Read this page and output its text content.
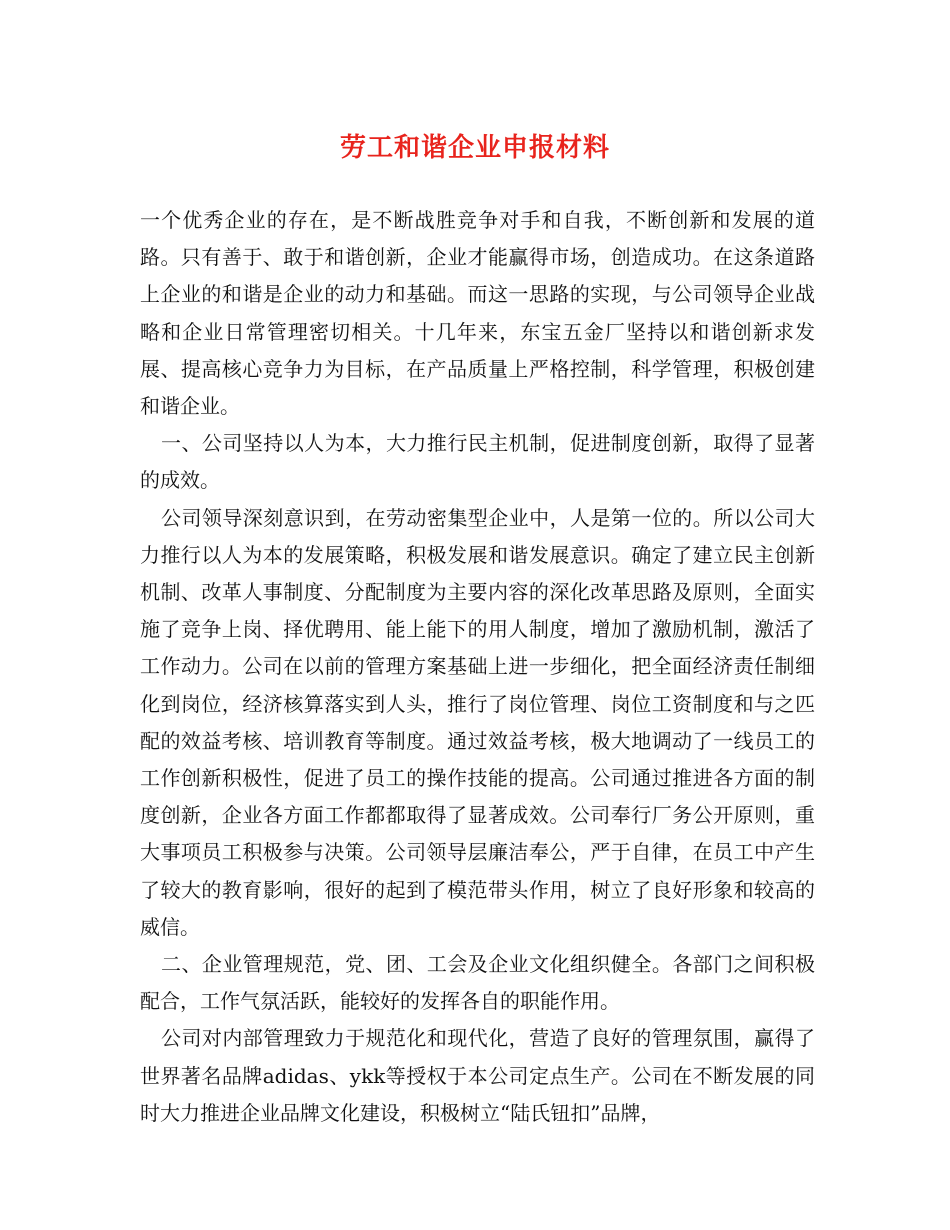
劳工和谐企业申报材料

一个优秀企业的存在，是不断战胜竞争对手和自我，不断创新和发展的道路。只有善于、敢于和谐创新，企业才能赢得市场，创造成功。在这条道路上企业的和谐是企业的动力和基础。而这一思路的实现，与公司领导企业战略和企业日常管理密切相关。十几年来，东宝五金厂坚持以和谐创新求发展、提高核心竞争力为目标，在产品质量上严格控制，科学管理，积极创建和谐企业。

一、公司坚持以人为本，大力推行民主机制，促进制度创新，取得了显著的成效。

公司领导深刻意识到，在劳动密集型企业中，人是第一位的。所以公司大力推行以人为本的发展策略，积极发展和谐发展意识。确定了建立民主创新机制、改革人事制度、分配制度为主要内容的深化改革思路及原则，全面实施了竞争上岗、择优聘用、能上能下的用人制度，增加了激励机制，激活了工作动力。公司在以前的管理方案基础上进一步细化，把全面经济责任制细化到岗位，经济核算落实到人头，推行了岗位管理、岗位工资制度和与之匹配的效益考核、培训教育等制度。通过效益考核，极大地调动了一线员工的工作创新积极性，促进了员工的操作技能的提高。公司通过推进各方面的制度创新，企业各方面工作都都取得了显著成效。公司奉行厂务公开原则，重大事项员工积极参与决策。公司领导层廉洁奉公，严于自律，在员工中产生了较大的教育影响，很好的起到了模范带头作用，树立了良好形象和较高的威信。

二、企业管理规范，党、团、工会及企业文化组织健全。各部门之间积极配合，工作气氛活跃，能较好的发挥各自的职能作用。

公司对内部管理致力于规范化和现代化，营造了良好的管理氛围，赢得了世界著名品牌adidas、ykk等授权于本公司定点生产。公司在不断发展的同时大力推进企业品牌文化建设，积极树立“陆氏钮扣”品牌，
